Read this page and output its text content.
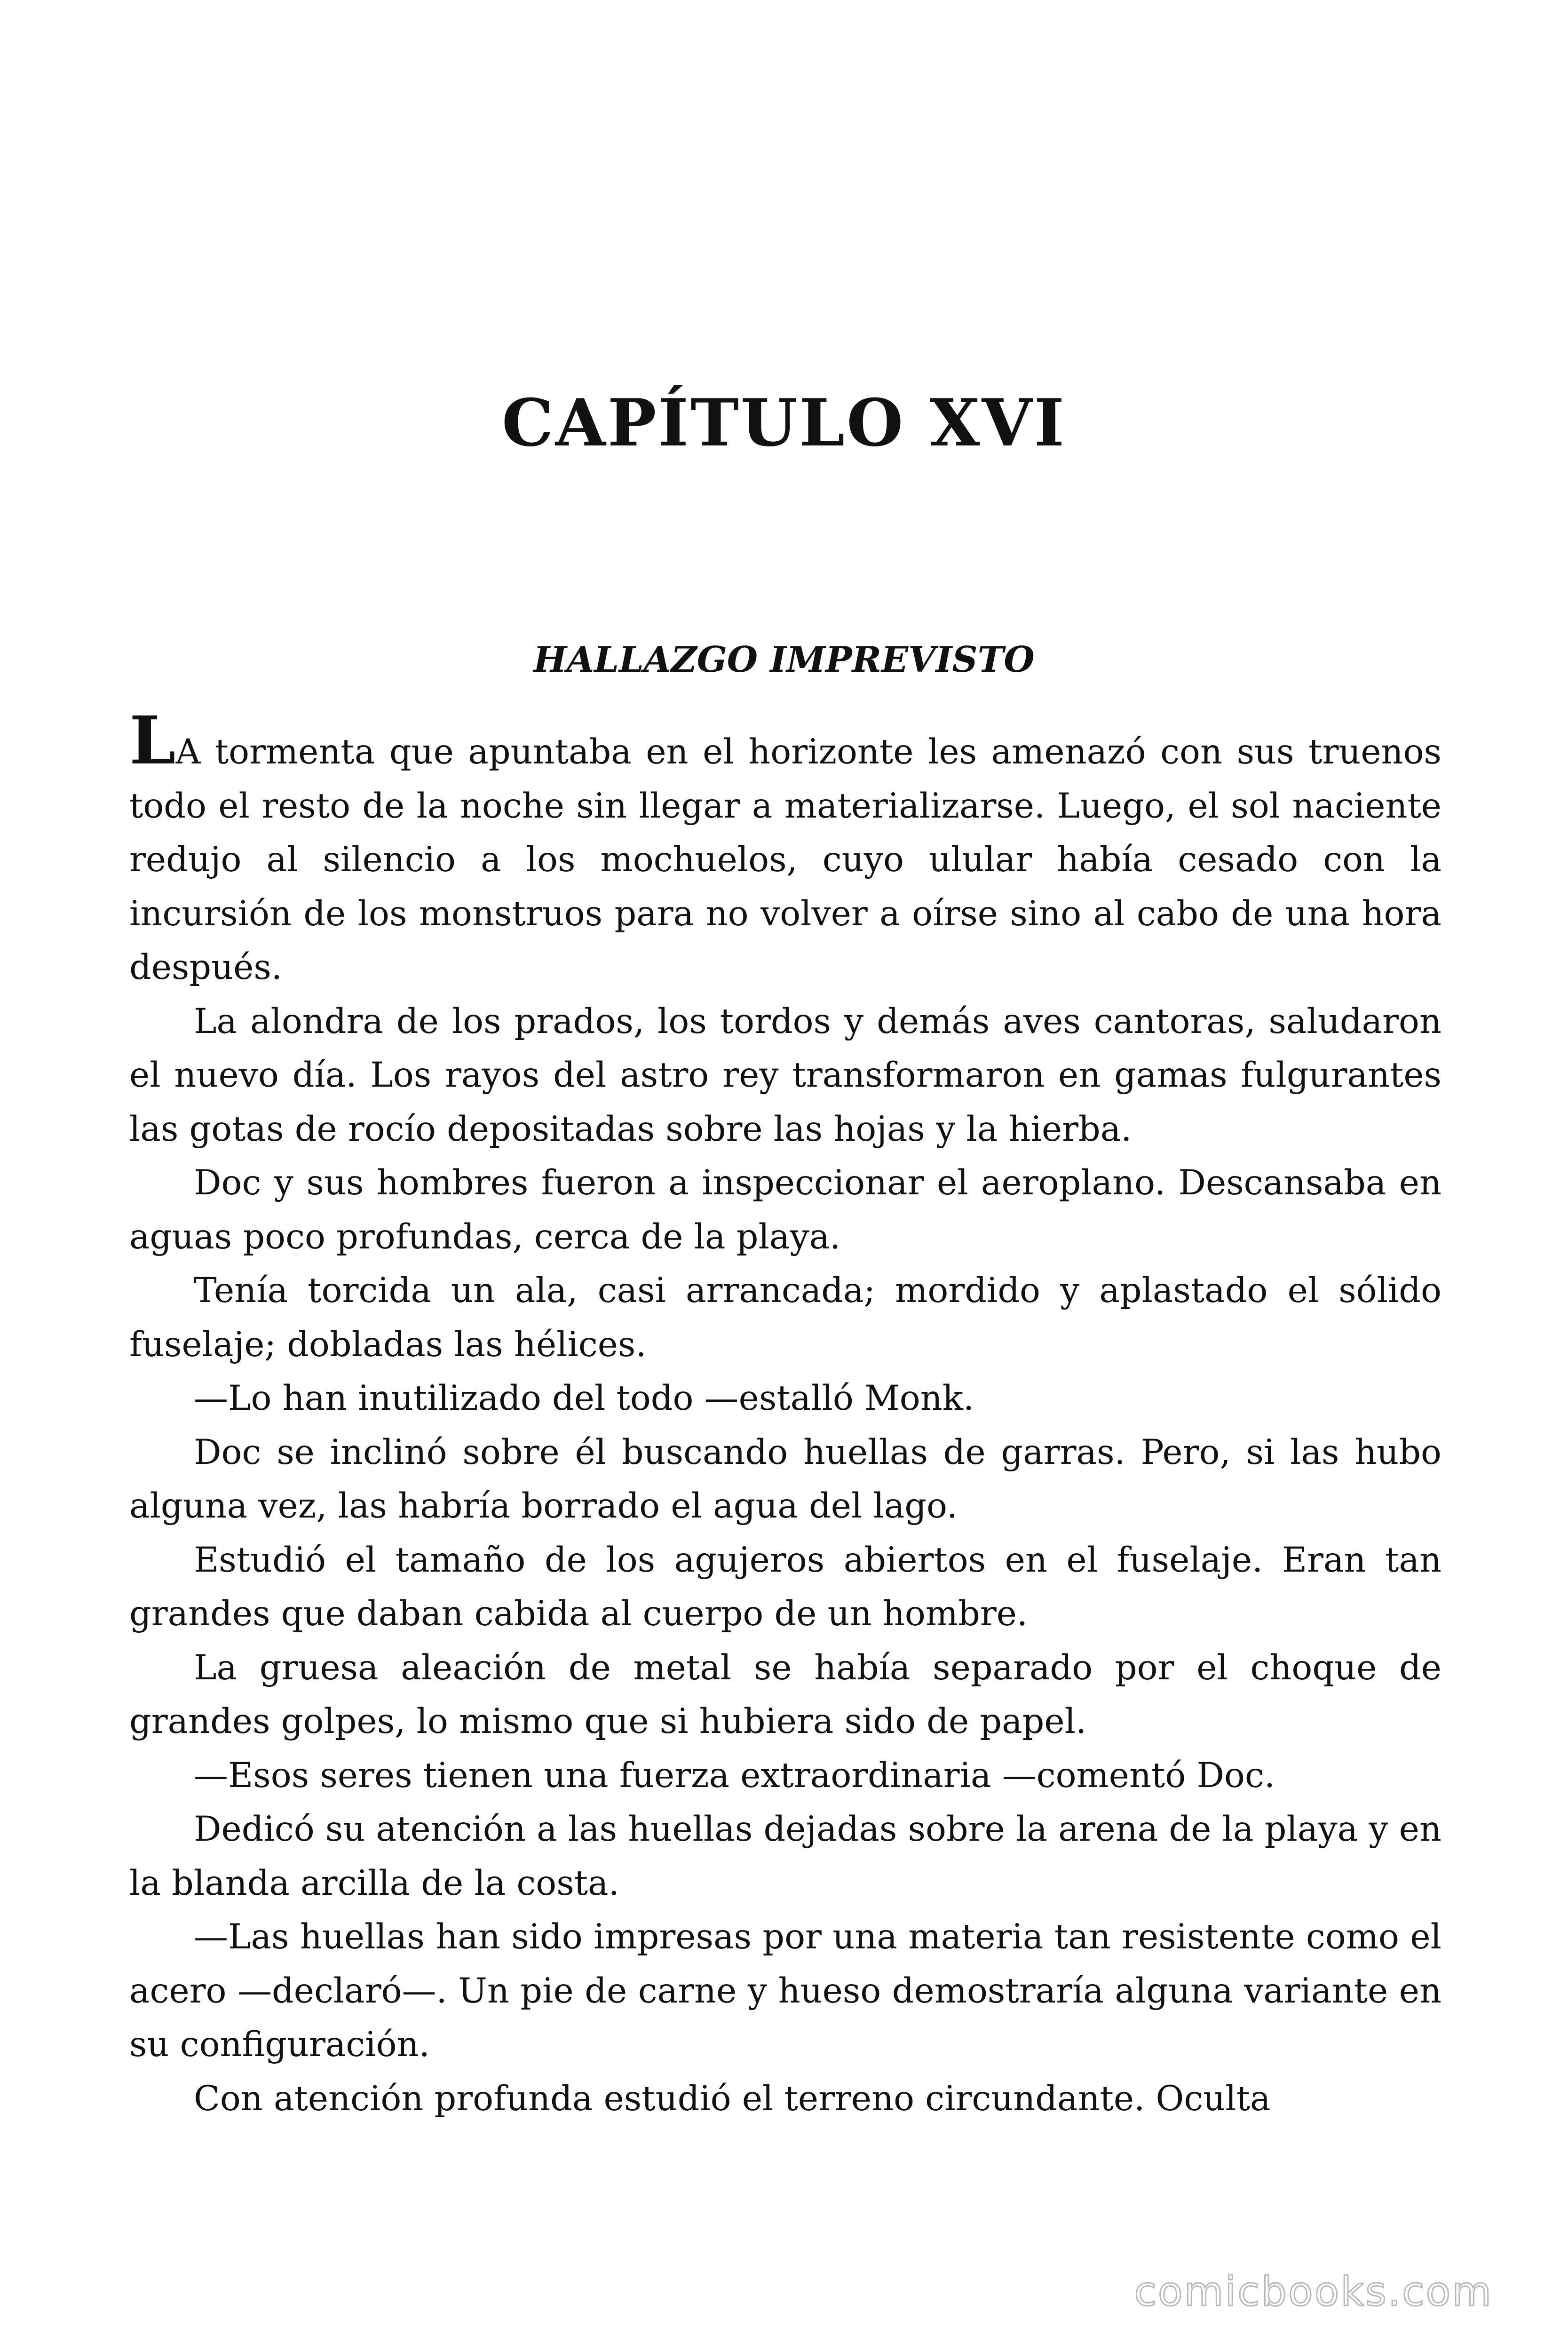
CAPÍTULO XVI
HALLAZGO IMPREVISTO

LA tormenta que apuntaba en el horizonte les amenazó con sus truenos todo el resto de la noche sin llegar a materializarse. Luego, el sol naciente redujo al silencio a los mochuelos, cuyo ulular había cesado con la incursión de los monstruos para no volver a oírse sino al cabo de una hora después.

La alondra de los prados, los tordos y demás aves cantoras, saludaron el nuevo día. Los rayos del astro rey transformaron en gamas fulgurantes las gotas de rocío depositadas sobre las hojas y la hierba.

Doc y sus hombres fueron a inspeccionar el aeroplano. Descansaba en aguas poco profundas, cerca de la playa.

Tenía torcida un ala, casi arrancada; mordido y aplastado el sólido fuselaje; dobladas las hélices.

—Lo han inutilizado del todo —estalló Monk.

Doc se inclinó sobre él buscando huellas de garras. Pero, si las hubo alguna vez, las habría borrado el agua del lago.

Estudió el tamaño de los agujeros abiertos en el fuselaje. Eran tan grandes que daban cabida al cuerpo de un hombre.

La gruesa aleación de metal se había separado por el choque de grandes golpes, lo mismo que si hubiera sido de papel.

—Esos seres tienen una fuerza extraordinaria —comentó Doc.

Dedicó su atención a las huellas dejadas sobre la arena de la playa y en la blanda arcilla de la costa.

—Las huellas han sido impresas por una materia tan resistente como el acero —declaró—. Un pie de carne y hueso demostraría alguna variante en su configuración.

Con atención profunda estudió el terreno circundante. Oculta

comicbooks.com
